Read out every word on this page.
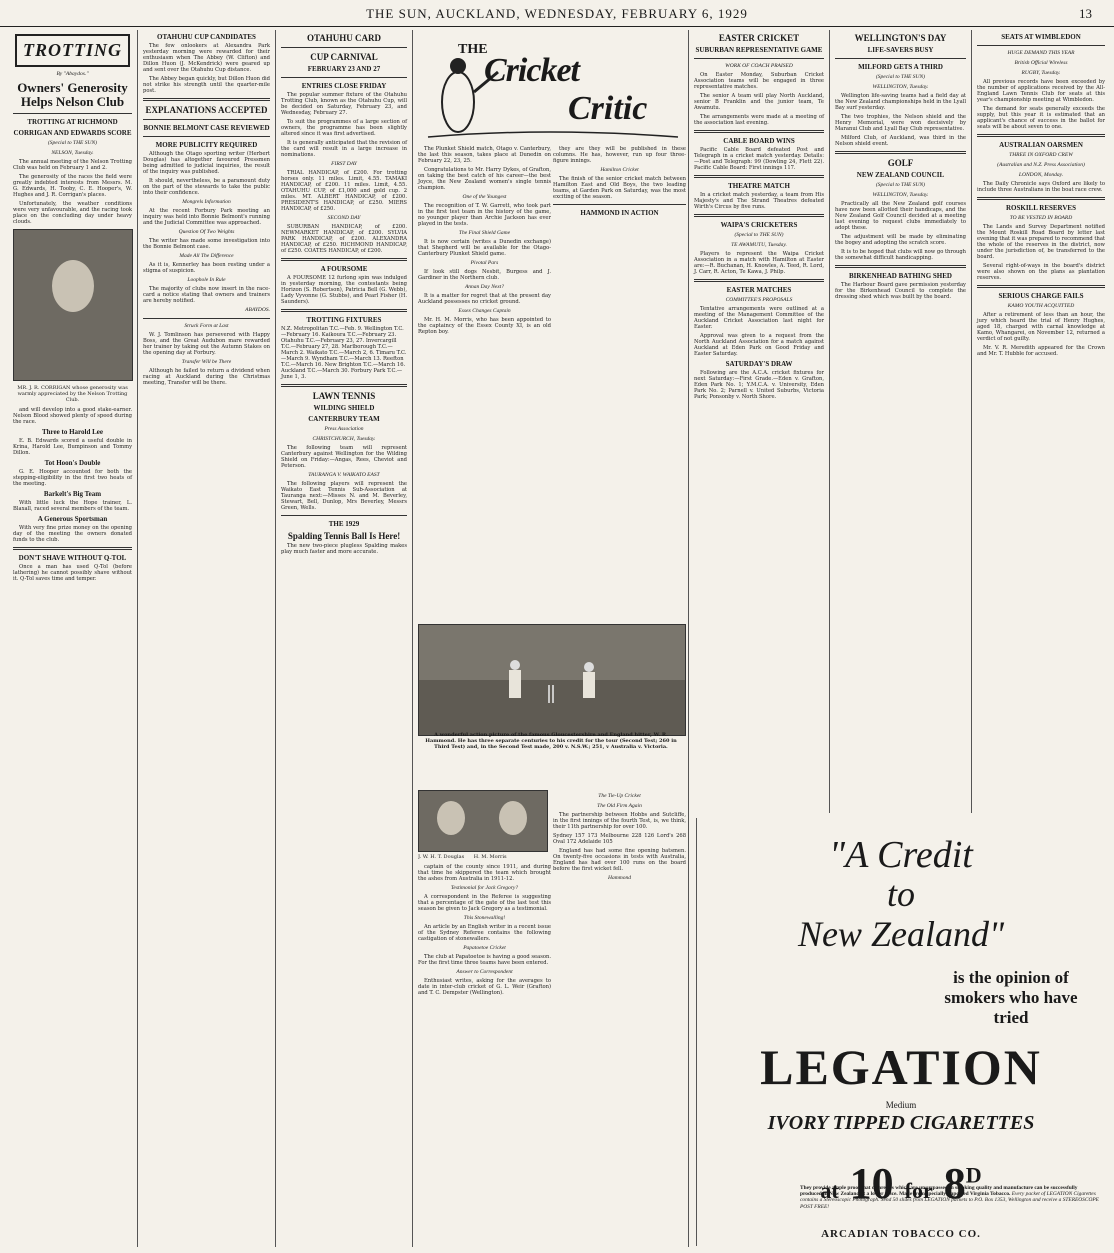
THE SUN, AUCKLAND, WEDNESDAY, FEBRUARY 6, 1929	13
TROTTING
By "Abaydos."
Owners' Generosity Helps Nelson Club
TROTTING AT RICHMOND
CORRIGAN AND EDWARDS SCORE
(Special to THE SUN)
NELSON, Tuesday.

The annual meeting of the Nelson Trotting Club was held on February 1 and 2.

The generosity of the races the field were greatly indebted interests from Messrs. M. G. Edwards, H. Tooby, C. E. Hooper's, W. Hughes and J. R. Corrigan's places.

Unfortunately, the weather conditions were very unfavourable, and the racing took place on the concluding day under heavy clouds.

MR. J. R. CORRIGAN whose generosity was warmly appreciated by the Nelson Trotting Club.

and will develop into a good stake-earner. Nelson Blood showed plenty of speed during the race.

Three to Harold Lee

E. B. Edwards scored a useful double in Krina, Harold Lee, Bumpinson and Tommy Dillon.

Tot Hoon's Double

G. E. Hooper accounted for both the stepping-eligibility in the first two heats of the meeting.

Barkelt's Big Team

With little luck the Hope trainer, L. Blaxall, raced several members of the team.

A Generous Sportsman

With very fine prize money on the opening day of the meeting the owners donated funds to the club.

DON'T SHAVE WITHOUT Q-TOL

Once a man has used Q-Tol (before lathering) he cannot possibly shave without it. Q-Tol saves time and temper.

OTAHUHU CUP CANDIDATES

The few onlookers at Alexandra Park yesterday morning were rewarded for their enthusiasm when The Abbey (W. Clifton) and Dillon Huon (J. McKendrick) were geared up and sent over the Otahuhu Cup distance.

The Abbey began quickly, but Dillon Huon did not strike his strength until the quarter-mile post.

EXPLANATIONS ACCEPTED
BONNIE BELMONT CASE REVIEWED
MORE PUBLICITY REQUIRED

Although the Otago sporting writer (Herbert Douglas) has altogether favoured Pressmen being admitted to judicial inquiries, the result of the inquiry was published.

It should, nevertheless, be a paramount duty on the part of the stewards to take the public into their confidence.

Mongrels Information

At the recent Forbury Park meeting an inquiry was held into Bonnie Belmont's running and the Judicial Committee was approached.

Question Of Two Weights

The writer has made some investigation into the Bonnie Belmont case.

Made All The Difference

As it is, Kennerley has been resting under a stigma of suspicion.

Loophole In Rule

The majority of clubs now insert in the race-card a notice stating that owners and trainers are hereby notified.

ABAYDOS.
Struck Form at Last

W. J. Tomlinson has persevered with Happy Boss, and the Great Audubon mare rewarded her trainer by taking out the Autumn Stakes on the opening day at Forbury.

Transfer Will be There

Although he failed to return a dividend when racing at Auckland during the Christmas meeting, Transfer will be there.

OTAHUHU CARD
CUP CARNIVAL
FEBRUARY 23 AND 27
ENTRIES CLOSE FRIDAY

The popular summer fixture of the Otahuhu Trotting Club, known as the Otahuhu Cup, will be decided on Saturday, February 23, and Wednesday, February 27.

To suit the programmes of a large section of owners, the programme has been slightly altered since it was first advertised.

It is generally anticipated that the revision of the card will result in a large increase in nominations.

FIRST DAY

TRIAL HANDICAP, of £200. For trotting horses only. 11 miles. Limit, 4.55. TAMAKI HANDICAP, of £200. 11 miles. Limit, 4.55. OTAHUHU CUP, of £1,000 and gold cup. 2 miles. MT. ALBERT HANDICAP, of £200. PRESIDENT'S HANDICAP, of £250. MIERS HANDICAP, of £250.

SECOND DAY

SUBURBAN HANDICAP, of £200. NEWMARKET HANDICAP, of £200. SYLVIA PARK HANDICAP, of £200. ALEXANDRA HANDICAP, of £250. RICHMOND HANDICAP, of £250. COATES HANDICAP, of £200.

A FOURSOME

A FOURSOME 12 furlong spin was indulged in yesterday morning, the contestants being Horizon (S. Robertson), Patricia Bell (G. Webb), Lady Vyvonne (G. Stubbs), and Pearl Fisher (H. Saunders).

TROTTING FIXTURES

N.Z. Metropolitan T.C.—Feb. 9. Wellington T.C.—February 16. Kaikoura T.C.—February 23. Otahuhu T.C.—February 23, 27. Invercargill T.C.—February 27, 28. Marlborough T.C.—March 2. Waikato T.C.—March 2, 6. Timaru T.C.—March 9. Wyndham T.C.—March 13. Reefton T.C.—March 16. New Brighton T.C.—March 16. Auckland T.C.—March 30. Forbury Park T.C.—June 1, 3.

LAWN TENNIS
WILDING SHIELD
CANTERBURY TEAM
Press Association
CHRISTCHURCH, Tuesday.

The following team will represent Canterbury against Wellington for the Wilding Shield on Friday:—Angas, Rees, Cheviot and Peterson.

TAURANGA V. WAIKATO EAST

The following players will represent the Waikato East Tennis Sub-Association at Tauranga next:—Misses N. and M. Beverley, Stewart, Bell, Dunlop, Mrs Beverley, Messrs Green, Wells.

THE 1929
Spalding Tennis Ball Is Here!

The new two-piece plugless Spalding makes play much faster and more accurate.

THE
Cricket
Critic

The Plunket Shield match, Otago v. Canterbury, the last this season, takes place at Dunedin on February 22, 23, 25.

Congratulations to Mr. Harry Dykes, of Grafton, on taking the best catch of his career—the best Joyce, the New Zealand women's single tennis champion.

One of the Youngest

The recognition of T. W. Garrett, who took part in the first test team in the history of the game, no younger player than Archie Jackson has ever played in the tests.

The Final Shield Game

It is now certain (writes a Dunedin exchange) that Shepherd will be available for the Otago-Canterbury Plunket Shield game.

Pivotal Pars

If look still dogs Nesbit, Burgess and J. Gardiner in the Northern club.

Annan Day Next?

It is a matter for regret that at the present day Auckland possesses no cricket ground.

Essex Changes Captain

Mr. H. M. Morris, who has been appointed to the captaincy of the Essex County XI, is an old Repton boy.

they are they will be published in these columns. He has, however, run up four three-figure innings.

Hamilton Cricket

The finish of the senior cricket match between Hamilton East and Old Boys, the two leading teams, at Garden Park on Saturday, was the most exciting of the season.

HAMMOND IN ACTION
A wonderful action picture of the famous Gloucestershire and England hitter, W. R. Hammond. He has three separate centuries to his credit for the tour (Second Test; 260 in Third Test) and, in the Second Test made, 200 v. N.S.W.; 251, v Australia v. Victoria.
J. W. H. T. Douglas H. M. Morris

captain of the county since 1911, and during that time he skippered the team which brought the ashes from Australia in 1911-12.

Testimonial for Jack Gregory?

A correspondent in the Referee is suggesting that a percentage of the gate of the last test this season be given to Jack Gregory as a testimonial.

This Stonewalling!

An article by an English writer in a recent issue of the Sydney Referee contains the following castigation of stonewallers.

Papatoetoe Cricket

The club at Papatoetoe is having a good season. For the first time three teams have been entered.

Answer to Correspondent

Enthusiast writes, asking for the averages to date in inter-club cricket of G. L. Weir (Grafton) and T. C. Dempster (Wellington).

The Tie-Up Cricket
The Old Firm Again

The partnership between Hobbs and Sutcliffe, in the first innings of the fourth Test, is, we think, their 11th partnership for over 100.

Sydney 157 173 Melbourne 228 126 Lord's 268 Oval 172 Adelaide 105

England has had some fine opening batsmen. On twenty-five occasions in tests with Australia, England has had over 100 runs on the board before the first wicket fell.

Hammond
EASTER CRICKET
SUBURBAN REPRESENTATIVE GAME
WORK OF COACH PRAISED

On Easter Monday, Suburban Cricket Association teams will be engaged in three representative matches.

The senior A team will play North Auckland, senior B Franklin and the junior team, Te Awamutu.

The arrangements were made at a meeting of the association last evening.

CABLE BOARD WINS

Pacific Cable Board defeated Post and Telegraph in a cricket match yesterday. Details:—Post and Telegraph: 99 (Dowling 24, Flett 22). Pacific Cable Board: First innings 117.

THEATRE MATCH

In a cricket match yesterday, a team from His Majesty's and The Strand Theatres defeated Wirth's Circus by five runs.

WAIPA'S CRICKETERS
(Special to THE SUN)
TE AWAMUTU, Tuesday.

Players to represent the Waipa Cricket Association in a match with Hamilton at Easter are:—R. Buchanan, H. Knowles, A. Teed, R. Lord, J. Carr, R. Acton, Te Kawa, J. Philp.

EASTER MATCHES
COMMITTEE'S PROPOSALS

Tentative arrangements were outlined at a meeting of the Management Committee of the Auckland Cricket Association last night for Easter.

Approval was given to a request from the North Auckland Association for a match against Auckland at Eden Park on Good Friday and Easter Saturday.

SATURDAY'S DRAW

Following are the A.C.A. cricket fixtures for next Saturday:—First Grade.—Eden v. Grafton, Eden Park No. 1; Y.M.C.A. v. University, Eden Park No. 2; Parnell v. United Suburbs, Victoria Park; Ponsonby v. North Shore.

WELLINGTON'S DAY
LIFE-SAVERS BUSY
MILFORD GETS A THIRD
(Special to THE SUN)
WELLINGTON, Tuesday.

Wellington life-saving teams had a field day at the New Zealand championships held in the Lyall Bay surf yesterday.

The two trophies, the Nelson shield and the Henry Memorial, were won decisively by Maranui Club and Lyall Bay Club representative.

Milford Club, of Auckland, was third in the Nelson shield event.

GOLF
NEW ZEALAND COUNCIL
(Special to THE SUN)
WELLINGTON, Tuesday.

Practically all the New Zealand golf courses have now been allotted their handicaps, and the New Zealand Golf Council decided at a meeting last evening to request clubs immediately to adopt these.

The adjustment will be made by eliminating the bogey and adopting the scratch score.

It is to be hoped that clubs will now go through the somewhat difficult handicapping.

BIRKENHEAD BATHING SHED

The Harbour Board gave permission yesterday for the Birkenhead Council to complete the dressing shed which was built by the board.

SEATS AT WIMBLEDON
HUGE DEMAND THIS YEAR
British Official Wireless
RUGBY, Tuesday.

All previous records have been exceeded by the number of applications received by the All-England Lawn Tennis Club for seats at this year's championship meeting at Wimbledon.

The demand for seats generally exceeds the supply, but this year it is estimated that an applicant's chance of success in the ballot for seats will be about seven to one.

AUSTRALIAN OARSMEN
THREE IN OXFORD CREW
(Australian and N.Z. Press Association)
LONDON, Monday.

The Daily Chronicle says Oxford are likely to include three Australians in the boat race crew.

ROSKILL RESERVES
TO BE VESTED IN BOARD

The Lands and Survey Department notified the Mount Roskill Road Board by letter last evening that it was prepared to recommend that the whole of the reserves in the district, now under the jurisdiction of, be transferred to the board.

Several right-of-ways in the board's district were also shown on the plans as plantation reserves.

SERIOUS CHARGE FAILS
KAMO YOUTH ACQUITTED

After a retirement of less than an hour, the jury which heard the trial of Henry Hughes, aged 18, charged with carnal knowledge at Kamo, Whangarei, on November 12, returned a verdict of not guilty.

Mr. V. R. Meredith appeared for the Crown and Mr. T. Hubble for accused.

"A Credit
to
New Zealand"
is the opinion of smokers who have tried
LEGATION
Medium
IVORY TIPPED CIGARETTES
at 10 for $8^D$
ARCADIAN TOBACCO CO.
They provide ample proof that cigarettes which are unsurpassed in smoking quality and manufacture can be successfully produced in New Zealand at a lower price. Made from specially imported Virginia Tobacco. Every packet of LEGATION Cigarettes contains a Stereoscopic Photograph. Send 50 slides from LEGATION packets to P.O. Box 1353, Wellington and receive a STEREOSCOPE POST FREE!
